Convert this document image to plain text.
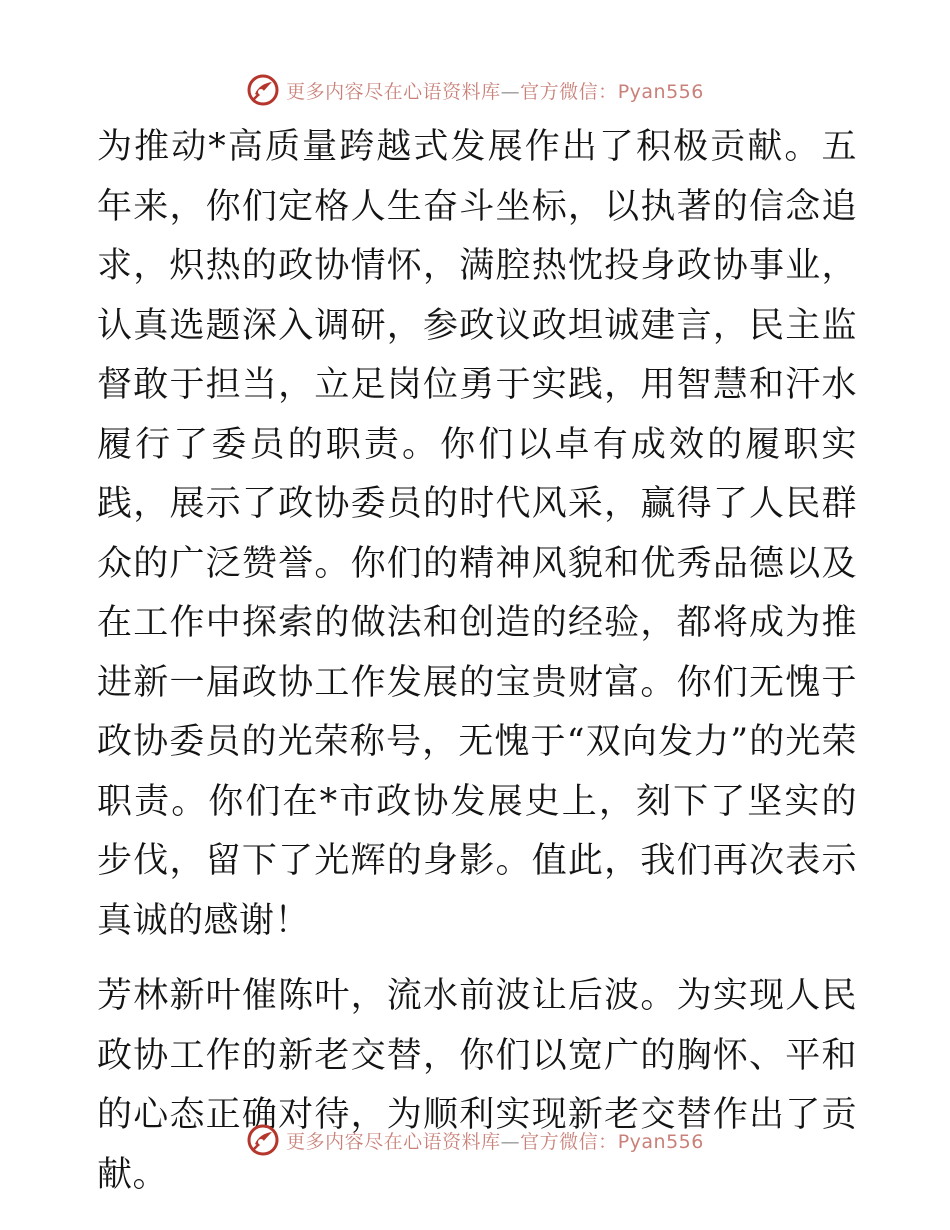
更多内容尽在心语资料库—官方微信：Pyan556

为推动*高质量跨越式发展作出了积极贡献。五年来，你们定格人生奋斗坐标，以执著的信念追求，炽热的政协情怀，满腔热忱投身政协事业，认真选题深入调研，参政议政坦诚建言，民主监督敢于担当，立足岗位勇于实践，用智慧和汗水履行了委员的职责。你们以卓有成效的履职实践，展示了政协委员的时代风采，赢得了人民群众的广泛赞誉。你们的精神风貌和优秀品德以及在工作中探索的做法和创造的经验，都将成为推进新一届政协工作发展的宝贵财富。你们无愧于政协委员的光荣称号，无愧于“双向发力”的光荣职责。你们在*市政协发展史上，刻下了坚实的步伐，留下了光辉的身影。值此，我们再次表示真诚的感谢！

芳林新叶催陈叶，流水前波让后波。为实现人民政协工作的新老交替，你们以宽广的胸怀、平和的心态正确对待，为顺利实现新老交替作出了贡献。

更多内容尽在心语资料库—官方微信：Pyan556
